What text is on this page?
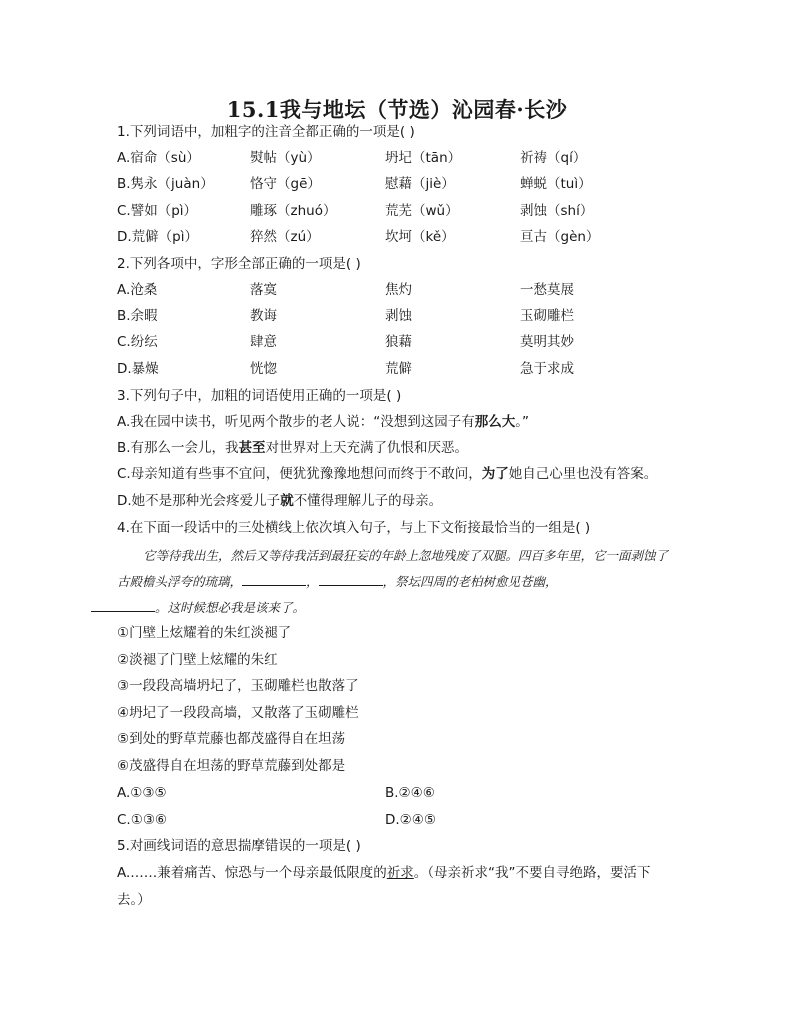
15.1我与地坛（节选）沁园春·长沙
1.下列词语中，加粗字的注音全都正确的一项是( )
A.宿命（sù）	熨帖（yù）	坍圮（tān）	祈祷（qí）
B.隽永（juàn）	恪守（gē）	慰藉（jiè）	蝉蜕（tuì）
C.譬如（pì）	雕琢（zhuó）	荒芜（wǔ）	剥蚀（shí）
D.荒僻（pì）	猝然（zú）	坎坷（kě）	亘古（gèn）
2.下列各项中，字形全部正确的一项是( )
A.沧桑	落寞	焦灼	一愁莫展
B.余暇	教诲	剥蚀	玉砌雕栏
C.纷纭	肆意	狼藉	莫明其妙
D.暴燥	恍惚	荒僻	急于求成
3.下列句子中，加粗的词语使用正确的一项是( )
A.我在园中读书，听见两个散步的老人说：“没想到这园子有那么大。”
B.有那么一会儿，我甚至对世界对上天充满了仇恨和厌恶。
C.母亲知道有些事不宜问，便犹犹豫豫地想问而终于不敢问，为了她自己心里也没有答案。
D.她不是那种光会疼爱儿子就不懂得理解儿子的母亲。
4.在下面一段话中的三处横线上依次填入句子，与上下文衔接最恰当的一组是( )
它等待我出生，然后又等待我活到最狂妄的年龄上忽地残废了双腿。四百多年里，它一面剥蚀了古殿檐头浮夸的琉璃，	，	，祭坛四周的老柏树愈见苍幽，
。这时候想必我是该来了。
①门壁上炫耀着的朱红淡褪了
②淡褪了门壁上炫耀的朱红
③一段段高墙坍圮了，玉砌雕栏也散落了
④坍圮了一段段高墙，又散落了玉砌雕栏
⑤到处的野草荒藤也都茂盛得自在坦荡
⑥茂盛得自在坦荡的野草荒藤到处都是
A.①③⑤	B.②④⑥
C.①③⑥	D.②④⑤
5.对画线词语的意思揣摩错误的一项是( )
A.……兼着痛苦、惊恐与一个母亲最低限度的祈求。（母亲祈求“我”不要自寻绝路，要活下
去。）
